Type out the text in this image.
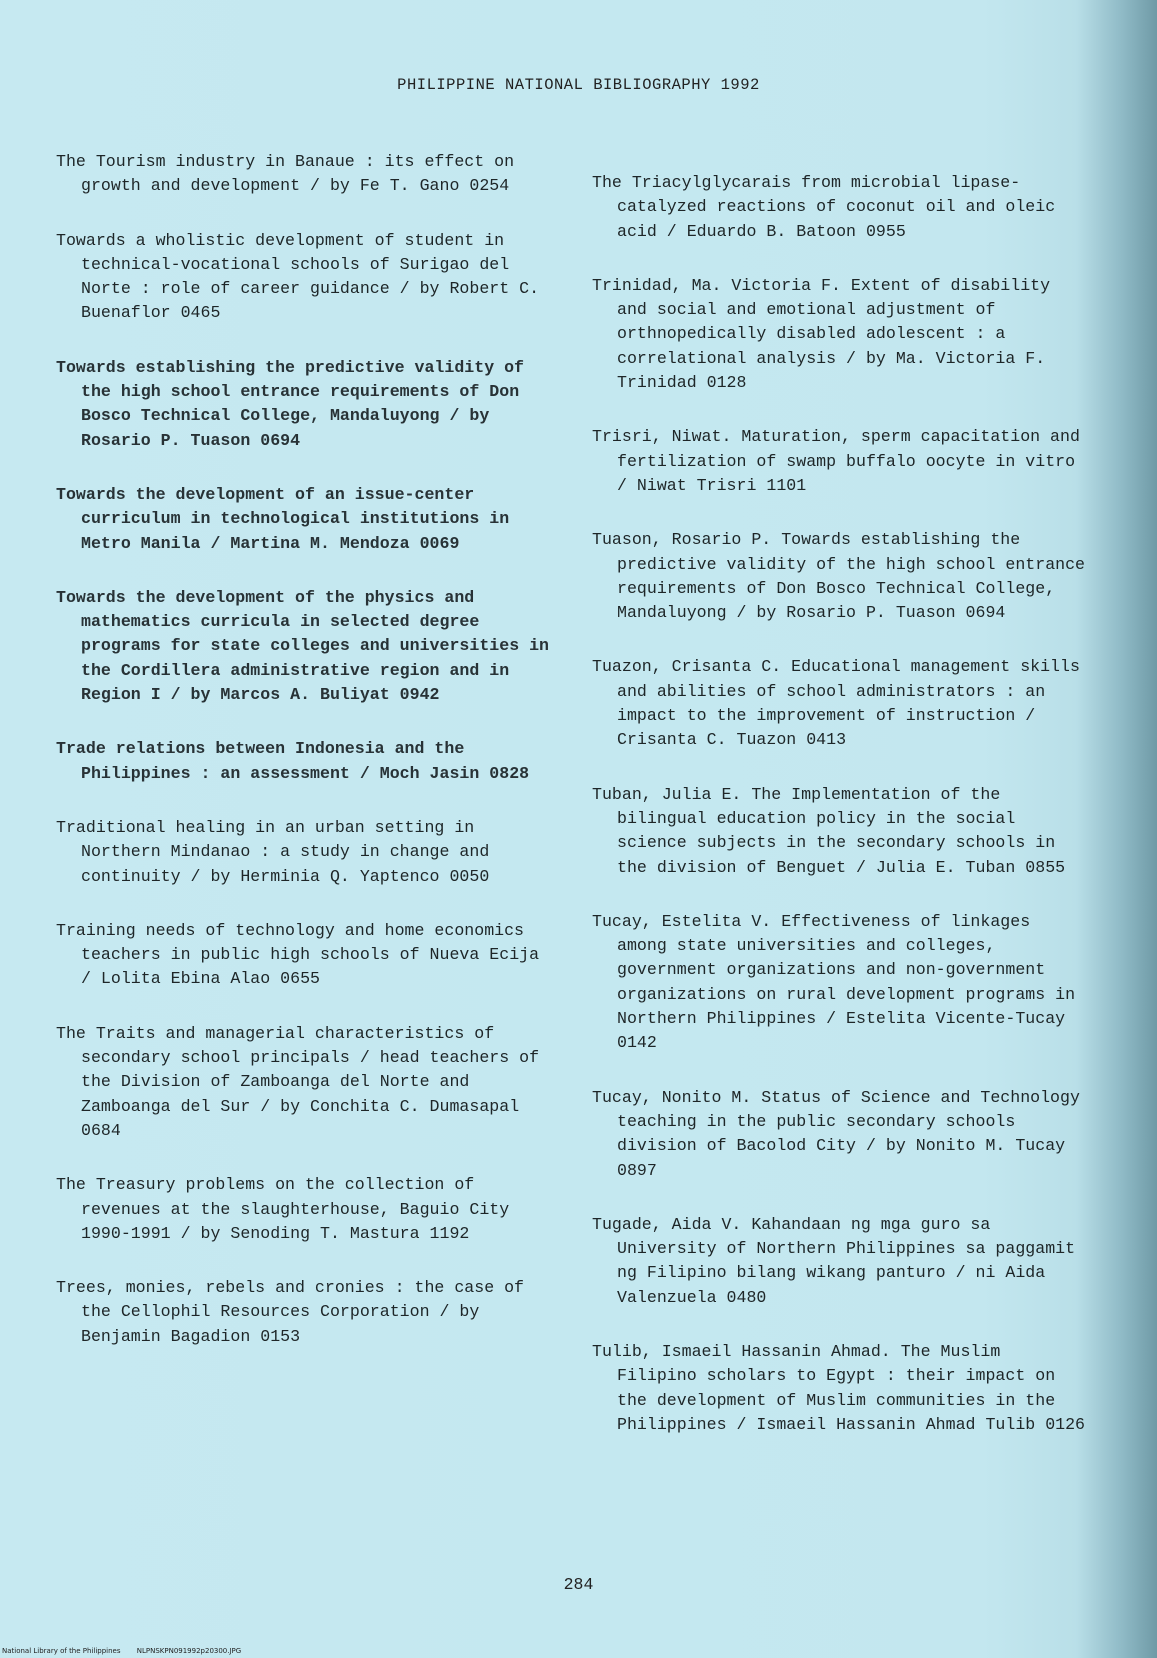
PHILIPPINE NATIONAL BIBLIOGRAPHY 1992

The Tourism industry in Banaue : its effect on growth and development / by Fe T. Gano 0254

Towards a wholistic development of student in technical-vocational schools of Surigao del Norte : role of career guidance / by Robert C. Buenaflor 0465

Towards establishing the predictive validity of the high school entrance requirements of Don Bosco Technical College, Mandaluyong / by Rosario P. Tuason 0694

Towards the development of an issue-center curriculum in technological institutions in Metro Manila / Martina M. Mendoza 0069

Towards the development of the physics and mathematics curricula in selected degree programs for state colleges and universities in the Cordillera administrative region and in Region I / by Marcos A. Buliyat 0942

Trade relations between Indonesia and the Philippines : an assessment / Moch Jasin 0828

Traditional healing in an urban setting in Northern Mindanao : a study in change and continuity / by Herminia Q. Yaptenco 0050

Training needs of technology and home economics teachers in public high schools of Nueva Ecija / Lolita Ebina Alao 0655

The Traits and managerial characteristics of secondary school principals / head teachers of the Division of Zamboanga del Norte and Zamboanga del Sur / by Conchita C. Dumasapal 0684

The Treasury problems on the collection of revenues at the slaughterhouse, Baguio City 1990-1991 / by Senoding T. Mastura 1192

Trees, monies, rebels and cronies : the case of the Cellophil Resources Corporation / by Benjamin Bagadion 0153

The Triacylglycarais from microbial lipase-catalyzed reactions of coconut oil and oleic acid / Eduardo B. Batoon 0955

Trinidad, Ma. Victoria F. Extent of disability and social and emotional adjustment of orthnopedically disabled adolescent : a correlational analysis / by Ma. Victoria F. Trinidad 0128

Trisri, Niwat. Maturation, sperm capacitation and fertilization of swamp buffalo oocyte in vitro / Niwat Trisri 1101

Tuason, Rosario P. Towards establishing the predictive validity of the high school entrance requirements of Don Bosco Technical College, Mandaluyong / by Rosario P. Tuason 0694

Tuazon, Crisanta C. Educational management skills and abilities of school administrators : an impact to the improvement of instruction / Crisanta C. Tuazon 0413

Tuban, Julia E. The Implementation of the bilingual education policy in the social science subjects in the secondary schools in the division of Benguet / Julia E. Tuban 0855

Tucay, Estelita V. Effectiveness of linkages among state universities and colleges, government organizations and non-government organizations on rural development programs in Northern Philippines / Estelita Vicente-Tucay 0142

Tucay, Nonito M. Status of Science and Technology teaching in the public secondary schools division of Bacolod City / by Nonito M. Tucay 0897

Tugade, Aida V. Kahandaan ng mga guro sa University of Northern Philippines sa paggamit ng Filipino bilang wikang panturo / ni Aida Valenzuela 0480

Tulib, Ismaeil Hassanin Ahmad. The Muslim Filipino scholars to Egypt : their impact on the development of Muslim communities in the Philippines / Ismaeil Hassanin Ahmad Tulib 0126

284
National Library of the Philippines NLPNSKPN091992p20300.JPG
